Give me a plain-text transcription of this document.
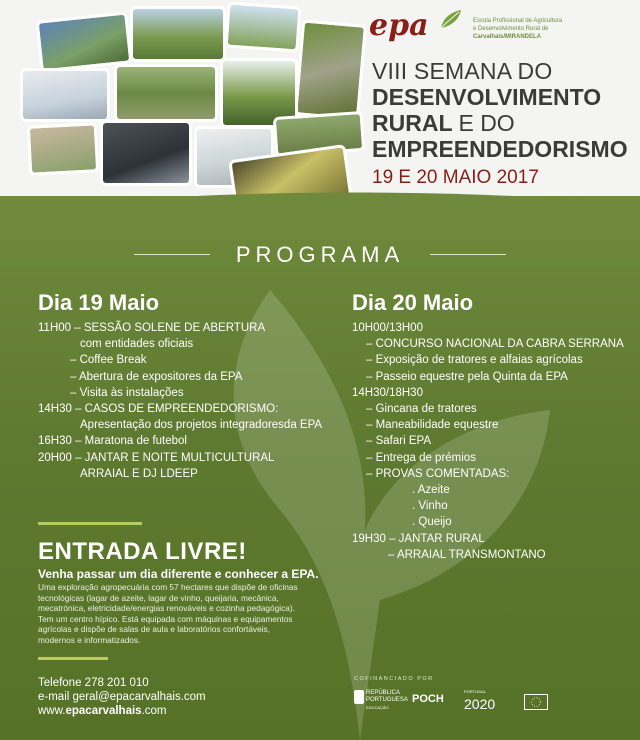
epa	Escola Profissional de Agricultura
e Desenvolvimento Rural de
Carvalhais/MIRANDELA
VIII SEMANA DO
DESENVOLVIMENTO
RURAL E DO
EMPREENDEDORISMO
19 E 20 MAIO 2017
PROGRAMA
Dia 19 Maio
11H00 – SESSÃO SOLENE DE ABERTURA
com entidades oficiais
– Coffee Break
– Abertura de expositores da EPA
– Visita às instalações
14H30 – CASOS DE EMPREENDEDORISMO:
Apresentação dos projetos integradoresda EPA
16H30 – Maratona de futebol
20H00 – JANTAR E NOITE MULTICULTURAL
ARRAIAL E DJ LDEEP
Dia 20 Maio
10H00/13H00
– CONCURSO NACIONAL DA CABRA SERRANA
– Exposição de tratores e alfaias agrícolas
– Passeio equestre pela Quinta da EPA
14H30/18H30
– Gincana de tratores
– Maneabilidade equestre
– Safari EPA
– Entrega de prémios
– PROVAS COMENTADAS:
. Azeite
. Vinho
. Queijo
19H30 – JANTAR RURAL
– ARRAIAL TRANSMONTANO
ENTRADA LIVRE!
Venha passar um dia diferente e conhecer a EPA.
Uma exploração agropecuária com 57 hectares que dispõe de oficinas tecnológicas (lagar de azeite, lagar de vinho, queijaria, mecânica, mecatrónica, eletricidade/energias renováveis e cozinha pedagógica). Tem um centro hípico. Está equipada com máquinas e equipamentos agrícolas e dispõe de salas de aula e laboratórios confortáveis, modernos e informatizados.
Telefone 278 201 010
e-mail geral@epacarvalhais.com
www.epacarvalhais.com
COFINANCIADO POR
REPÚBLICA PORTUGUESA
EDUCAÇÃO
POCH
PORTUGAL
2020
